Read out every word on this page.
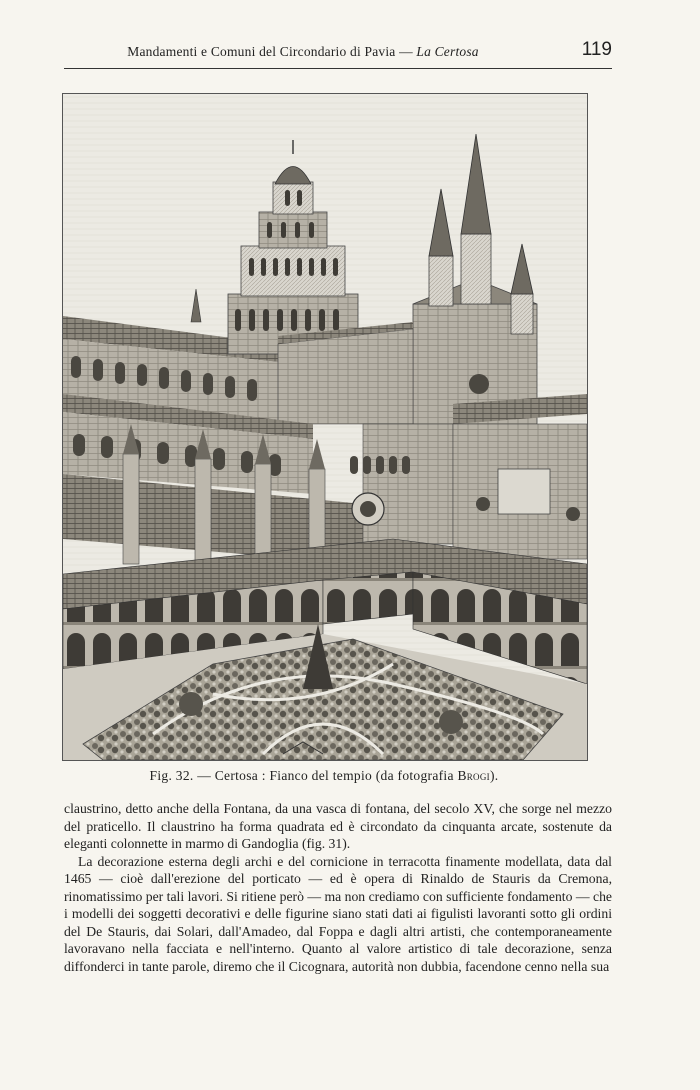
Mandamenti e Comuni del Circondario di Pavia — La Certosa	119
Fig. 32. — Certosa : Fianco del tempio (da fotografia Brogi).

claustrino, detto anche della Fontana, da una vasca di fontana, del secolo XV, che sorge nel mezzo del praticello. Il claustrino ha forma quadrata ed è circondato da cinquanta arcate, sostenute da eleganti colonnette in marmo di Gandoglia (fig. 31).

La decorazione esterna degli archi e del cornicione in terracotta finamente modellata, data dal 1465 — cioè dall'erezione del porticato — ed è opera di Rinaldo de Stauris da Cremona, rinomatissimo per tali lavori. Si ritiene però — ma non crediamo con sufficiente fondamento — che i modelli dei soggetti decorativi e delle figurine siano stati dati ai figulisti lavoranti sotto gli ordini del De Stauris, dai Solari, dall'Amadeo, dal Foppa e dagli altri artisti, che contemporaneamente lavoravano nella facciata e nell'interno. Quanto al valore artistico di tale decorazione, senza diffonderci in tante parole, diremo che il Cicognara, autorità non dubbia, facendone cenno nella sua
